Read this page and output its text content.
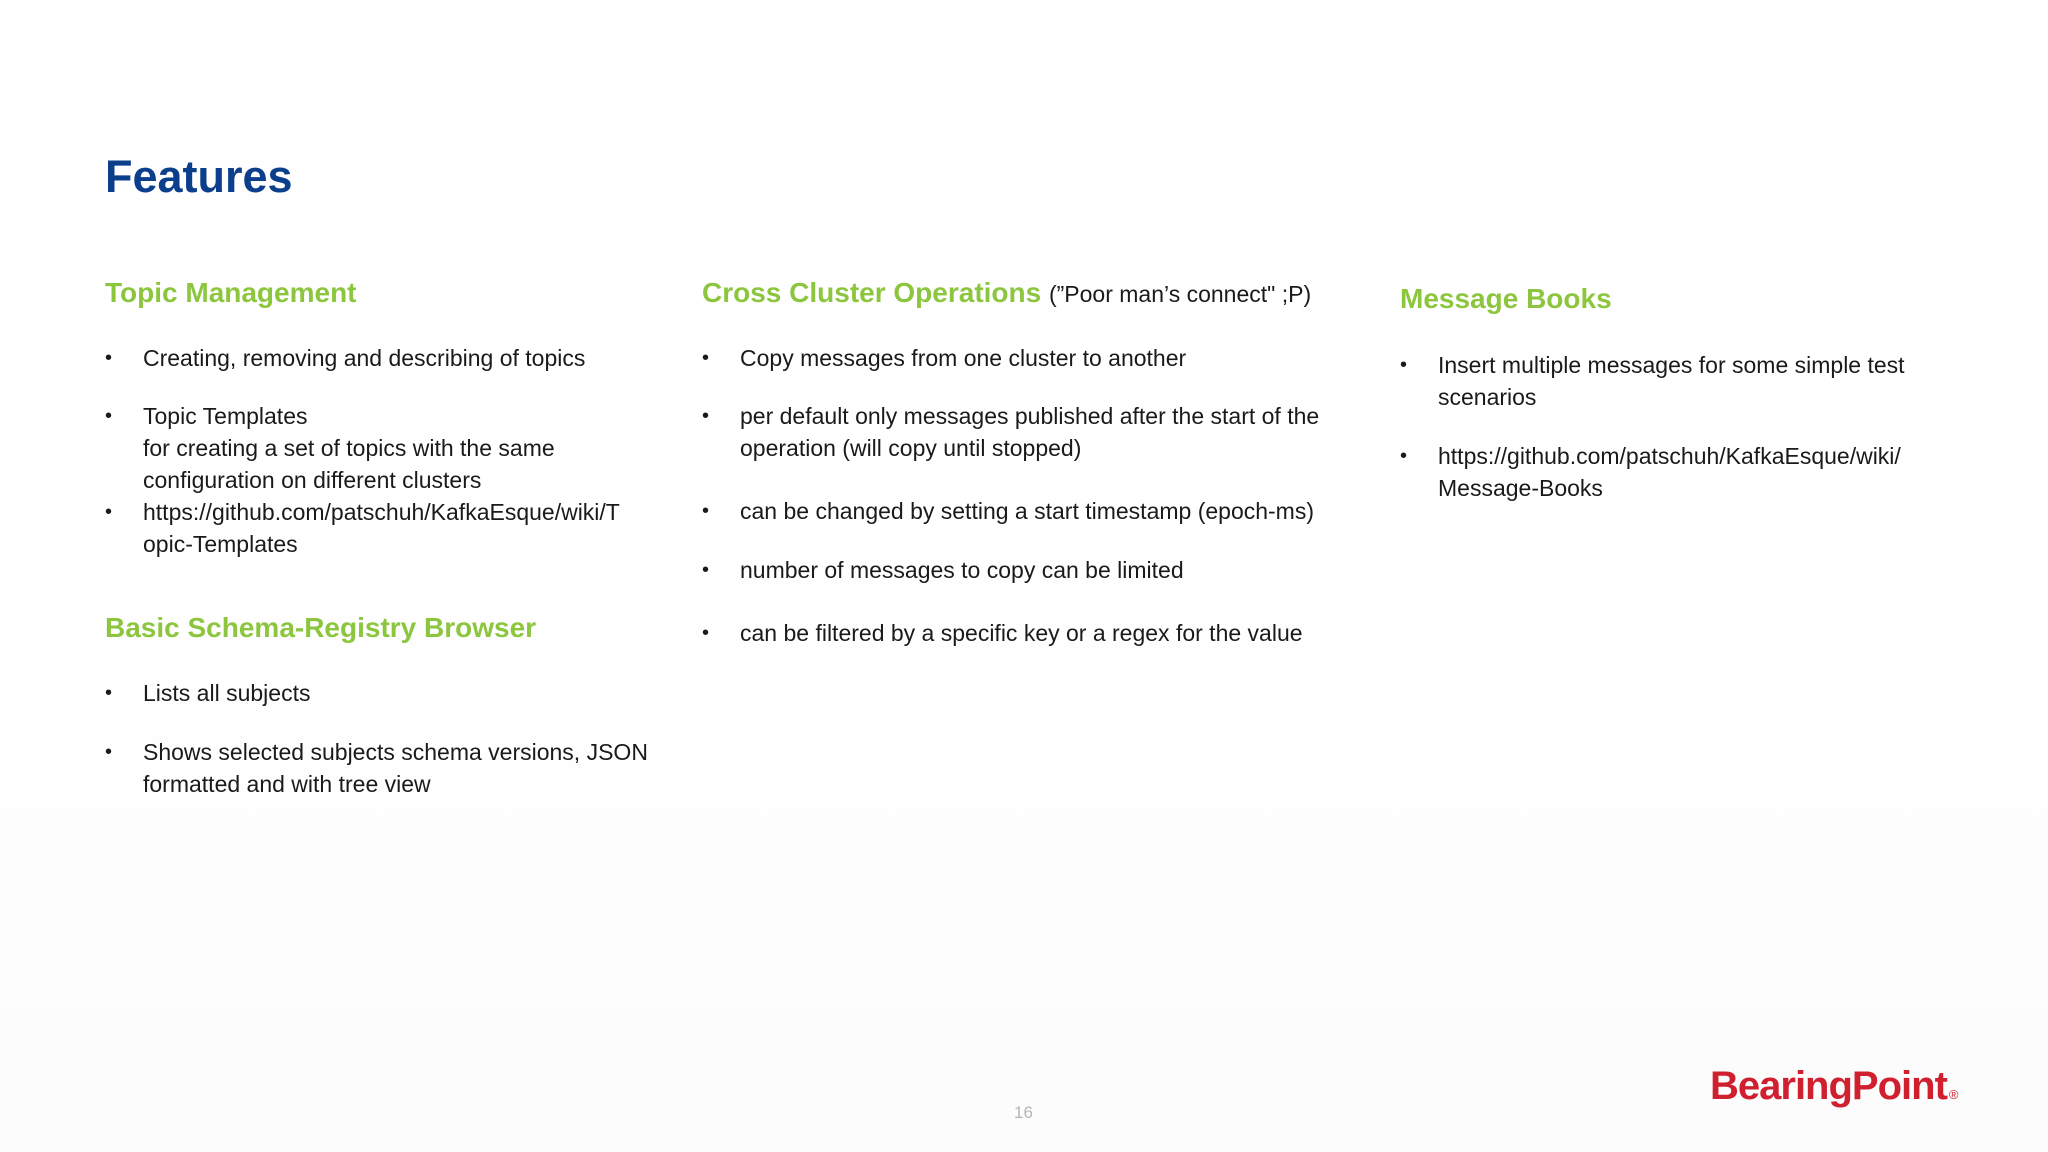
Features
Topic Management
• Creating, removing and describing of topics
• Topic Templates
for creating a set of topics with the same
configuration on different clusters
• https://github.com/patschuh/KafkaEsque/wiki/T
opic-Templates
Basic Schema-Registry Browser
• Lists all subjects
• Shows selected subjects schema versions, JSON
formatted and with tree view
Cross Cluster Operations (”Poor man’s connect" ;P)
• Copy messages from one cluster to another
• per default only messages published after the start of the
operation (will copy until stopped)
• can be changed by setting a start timestamp (epoch-ms)
• number of messages to copy can be limited
• can be filtered by a specific key or a regex for the value
Message Books
• Insert multiple messages for some simple test
scenarios
• https://github.com/patschuh/KafkaEsque/wiki/
Message-Books
16
BearingPoint ®
